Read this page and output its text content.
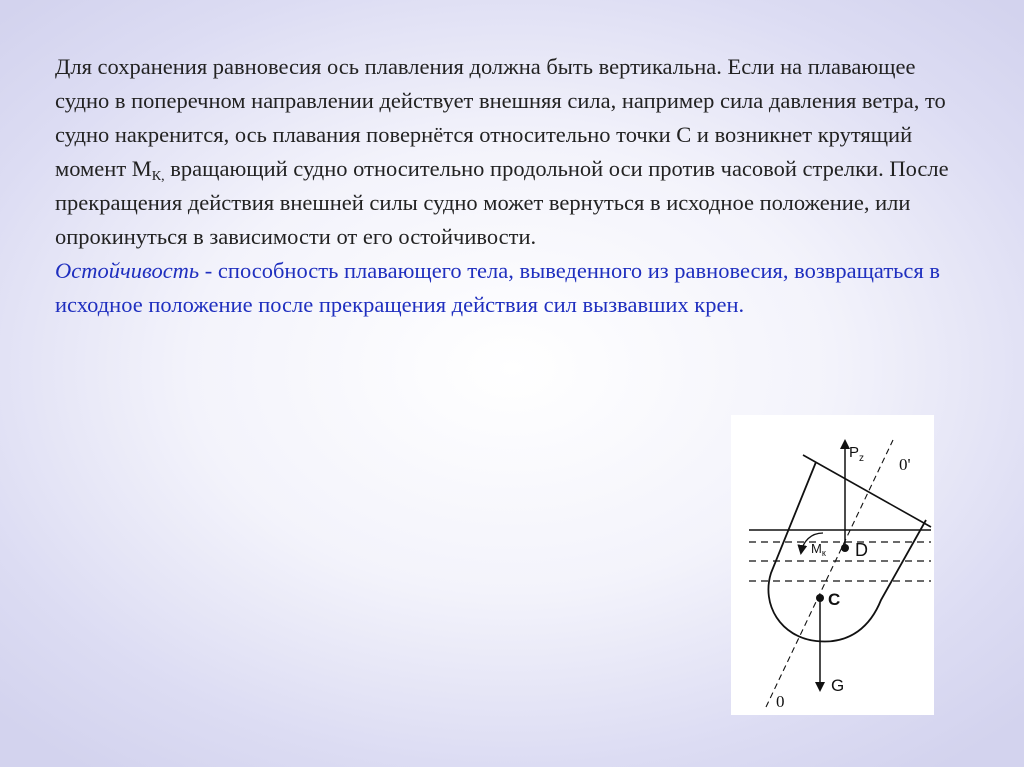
Для сохранения равновесия ось плавления должна быть вертикальна. Если на плавающее судно в поперечном направлении действует внешняя сила, например сила давления ветра, то судно накренится, ось плавания повернётся относительно точки С и возникнет крутящий момент $М_{К,}$ вращающий судно относительно продольной оси против часовой стрелки. После прекращения действия внешней силы судно может вернуться в исходное положение, или опрокинуться в зависимости от его остойчивости.

Остойчивость - способность плавающего тела, выведенного из равновесия, возвращаться в исходное положение после прекращения действия сил вызвавших крен.

$P_z$ 0'
$М_к$ D
C
G
0
